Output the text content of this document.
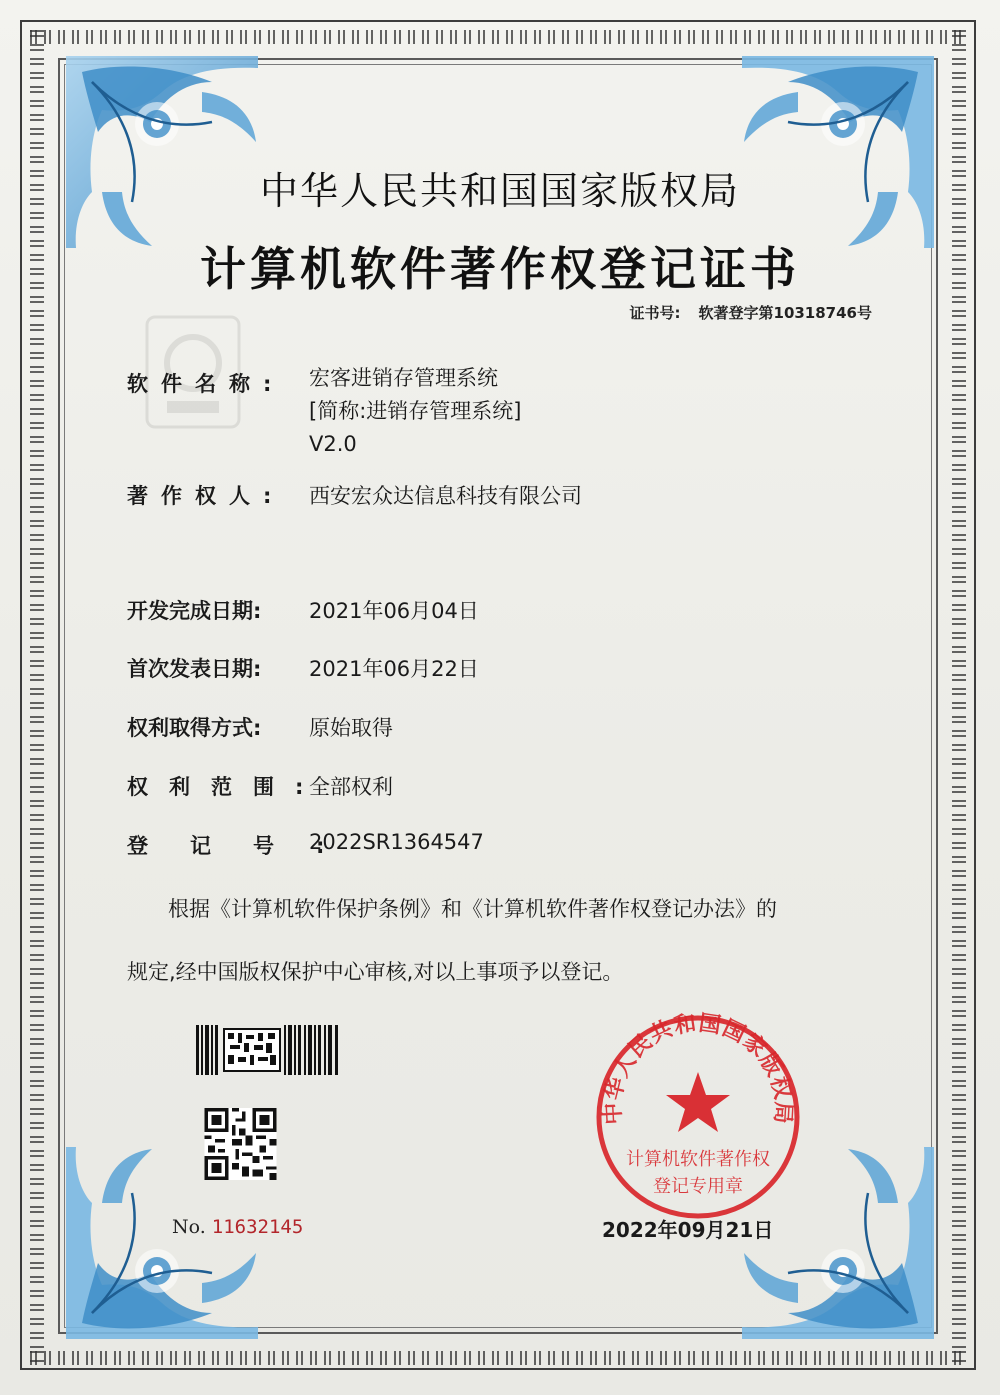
中华人民共和国国家版权局
计算机软件著作权登记证书
证书号: 软著登字第10318746号
软件名称:	宏客进销存管理系统
[简称:进销存管理系统]
V2.0
著作权人:	西安宏众达信息科技有限公司
开发完成日期:	2021年06月04日
首次发表日期:	2021年06月22日
权利取得方式:	原始取得
权利范围:
全部权利
登记号:
2022SR1364547
根据《计算机软件保护条例》和《计算机软件著作权登记办法》的
规定,经中国版权保护中心审核,对以上事项予以登记。
No. 11632145
中华人民共和国国家版权局
计算机软件著作权
登记专用章
2022年09月21日
